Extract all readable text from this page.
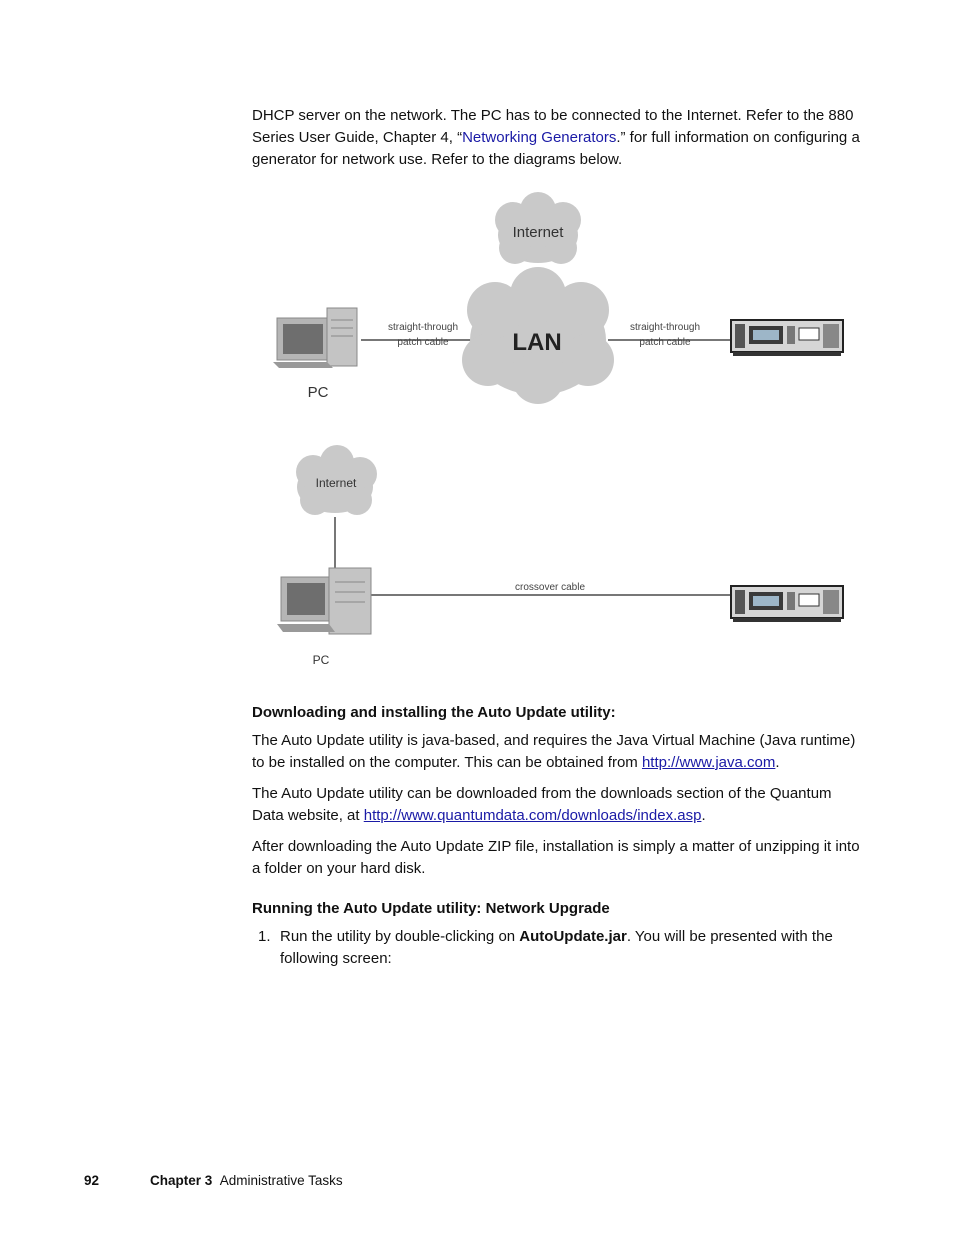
DHCP server on the network. The PC has to be connected to the Internet. Refer to the 880 Series User Guide, Chapter 4, “Networking Generators.” for full information on configuring a generator for network use. Refer to the diagrams below.

Internet
LAN
PC
straight-through
patch cable
straight-through
patch cable
Internet
PC
crossover cable
Downloading and installing the Auto Update utility:

The Auto Update utility is java-based, and requires the Java Virtual Machine (Java runtime) to be installed on the computer. This can be obtained from http://www.java.com.

The Auto Update utility can be downloaded from the downloads section of the Quantum Data website, at http://www.quantumdata.com/downloads/index.asp.

After downloading the Auto Update ZIP file, installation is simply a matter of unzipping it into a folder on your hard disk.
Running the Auto Update utility: Network Upgrade
1. Run the utility by double-clicking on AutoUpdate.jar. You will be presented with the following screen:
92	Chapter 3 Administrative Tasks
